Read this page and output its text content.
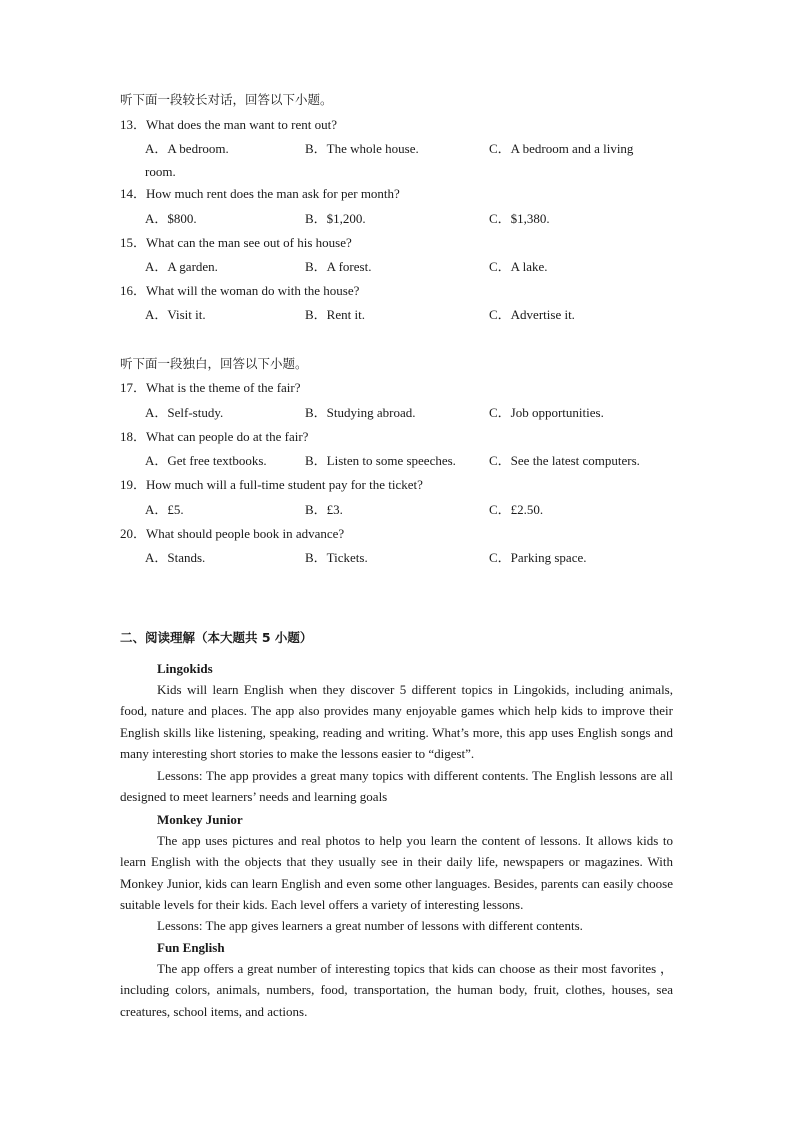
听下面一段较长对话，回答以下小题。
13．What does the man want to rent out?
A．A bedroom.	B．The whole house.	C．A bedroom and a living
room.
14．How much rent does the man ask for per month?
A．$800.	B．$1,200.	C．$1,380.
15．What can the man see out of his house?
A．A garden.	B．A forest.	C．A lake.
16．What will the woman do with the house?
A．Visit it.	B．Rent it.	C．Advertise it.
听下面一段独白，回答以下小题。
17．What is the theme of the fair?
A．Self-study.	B．Studying abroad.	C．Job opportunities.
18．What can people do at the fair?
A．Get free textbooks.	B．Listen to some speeches.	C．See the latest computers.
19．How much will a full-time student pay for the ticket?
A．£5.	B．£3.	C．£2.50.
20．What should people book in advance?
A．Stands.	B．Tickets.	C．Parking space.
二、阅读理解（本大题共 5 小题）
Lingokids
Kids will learn English when they discover 5 different topics in Lingokids, including animals, food, nature and places. The app also provides many enjoyable games which help kids to improve their English skills like listening, speaking, reading and writing. What’s more, this app uses English songs and many interesting short stories to make the lessons easier to “digest”.
Lessons: The app provides a great many topics with different contents. The English lessons are all designed to meet learners’ needs and learning goals
Monkey Junior
The app uses pictures and real photos to help you learn the content of lessons. It allows kids to learn English with the objects that they usually see in their daily life, newspapers or magazines. With Monkey Junior, kids can learn English and even some other languages. Besides, parents can easily choose suitable levels for their kids. Each level offers a variety of interesting lessons.
Lessons: The app gives learners a great number of lessons with different contents.
Fun English
The app offers a great number of interesting topics that kids can choose as their most favorites ，including colors, animals, numbers, food, transportation, the human body, fruit, clothes, houses, sea creatures, school items, and actions.
